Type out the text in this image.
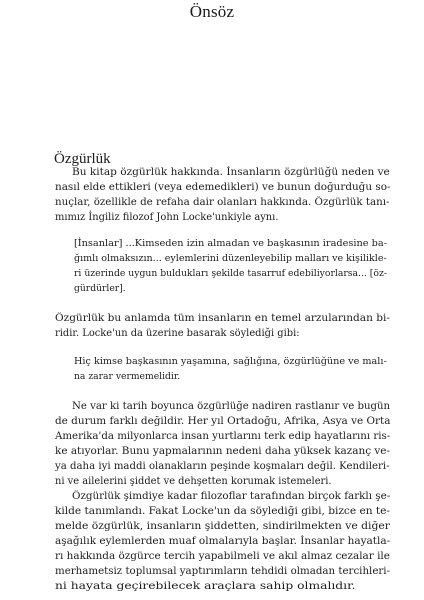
Önsöz
Özgürlük
Bu kitap özgürlük hakkında. İnsanların özgürlüğü neden ve
nasıl elde ettikleri (veya edemedikleri) ve bunun doğurduğu so-
nuçlar, özellikle de refaha dair olanları hakkında. Özgürlük tanı-
mımız İngiliz filozof John Locke'unkiyle aynı.
[İnsanlar] ...Kimseden izin almadan ve başkasının iradesine ba-
ğımlı olmaksızın... eylemlerini düzenleyebilip malları ve kişilikle-
ri üzerinde uygun buldukları şekilde tasarruf edebiliyorlarsa... [öz-
gürdürler].
Özgürlük bu anlamda tüm insanların en temel arzularından bi-
ridir. Locke'un da üzerine basarak söylediği gibi:
Hiç kimse başkasının yaşamına, sağlığına, özgürlüğüne ve malı-
na zarar vermemelidir.
Ne var ki tarih boyunca özgürlüğe nadiren rastlanır ve bugün
de durum farklı değildir. Her yıl Ortadoğu, Afrika, Asya ve Orta
Amerika'da milyonlarca insan yurtlarını terk edip hayatlarını ris-
ke atıyorlar. Bunu yapmalarının nedeni daha yüksek kazanç ve-
ya daha iyi maddi olanakların peşinde koşmaları değil. Kendileri-
ni ve ailelerini şiddet ve dehşetten korumak istemeleri.
Özgürlük şimdiye kadar filozoflar tarafından birçok farklı şe-
kilde tanımlandı. Fakat Locke'un da söylediği gibi, bizce en te-
melde özgürlük, insanların şiddetten, sindirilmekten ve diğer
aşağılık eylemlerden muaf olmalarıyla başlar. İnsanlar hayatla-
rı hakkında özgürce tercih yapabilmeli ve akıl almaz cezalar ile
merhametsiz toplumsal yaptırımların tehdidi olmadan tercihleri-
ni hayata geçirebilecek araçlara sahip olmalıdır.
